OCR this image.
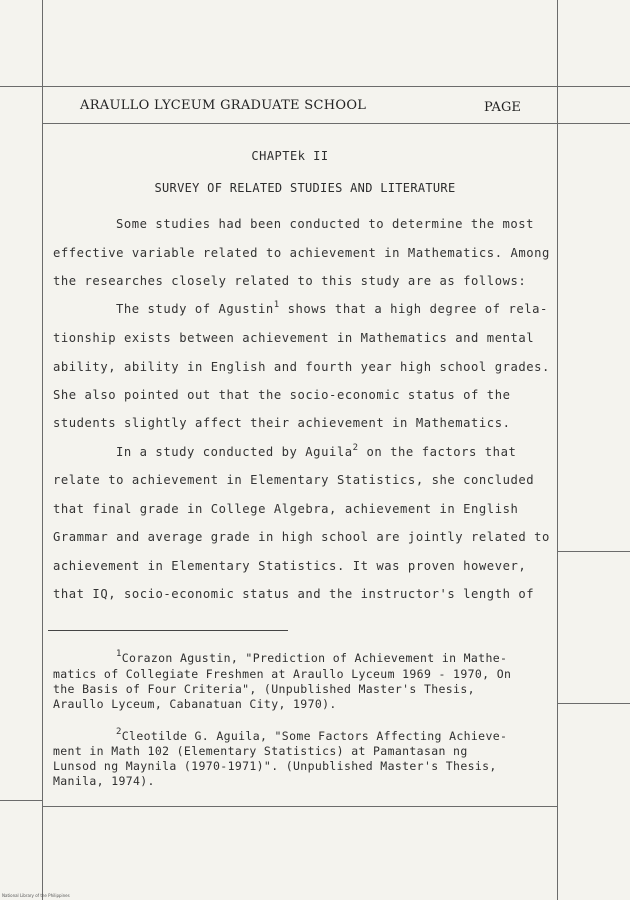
ARAULLO LYCEUM GRADUATE SCHOOL	PAGE
CHAPTEk II
SURVEY OF RELATED STUDIES AND LITERATURE
Some studies had been conducted to determine the most
effective variable related to achievement in Mathematics. Among
the researches closely related to this study are as follows:
The study of Agustin$^1$ shows that a high degree of rela-
tionship exists between achievement in Mathematics and mental
ability, ability in English and fourth year high school grades.
She also pointed out that the socio-economic status of the
students slightly affect their achievement in Mathematics.
In a study conducted by Aguila$^2$ on the factors that
relate to achievement in Elementary Statistics, she concluded
that final grade in College Algebra, achievement in English
Grammar and average grade in high school are jointly related to
achievement in Elementary Statistics. It was proven however,
that IQ, socio-economic status and the instructor's length of
$^1$Corazon Agustin, "Prediction of Achievement in Mathe-
matics of Collegiate Freshmen at Araullo Lyceum 1969 - 1970, On
the Basis of Four Criteria", (Unpublished Master's Thesis,
Araullo Lyceum, Cabanatuan City, 1970).
$^2$Cleotilde G. Aguila, "Some Factors Affecting Achieve-
ment in Math 102 (Elementary Statistics) at Pamantasan ng
Lunsod ng Maynila (1970-1971)". (Unpublished Master's Thesis,
Manila, 1974).
National Library of the Philippines
